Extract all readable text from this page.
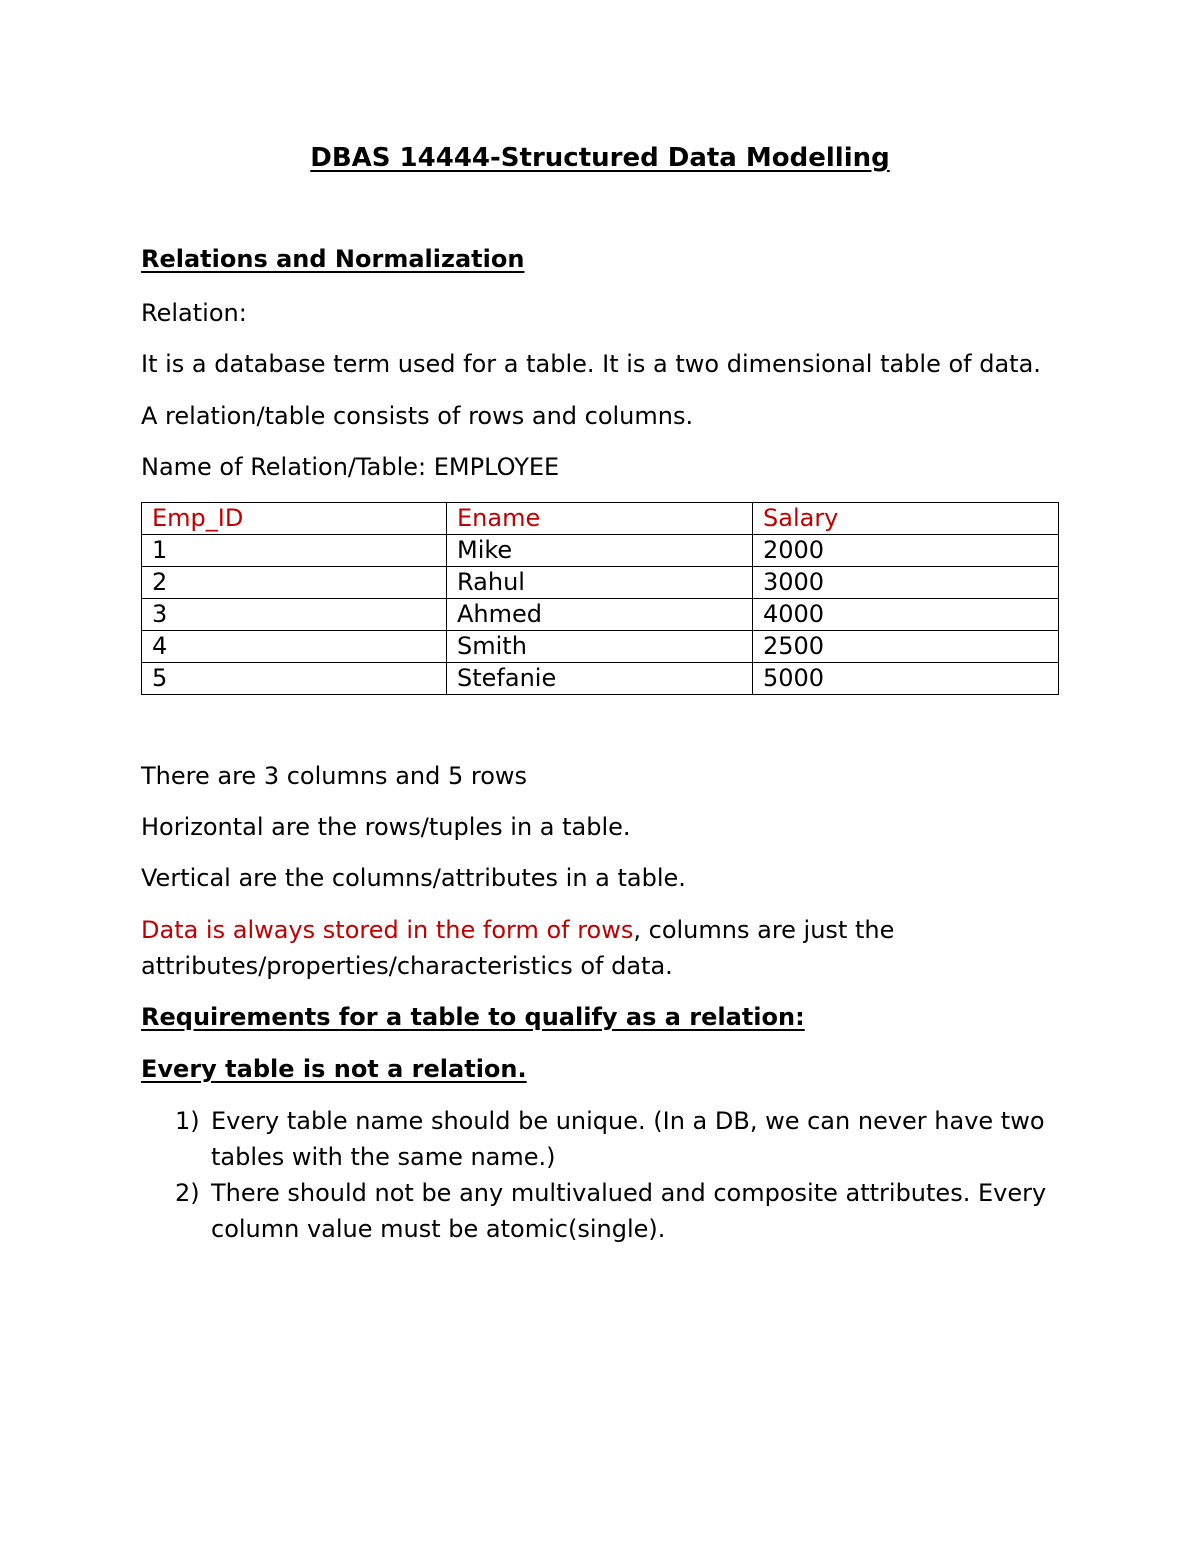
DBAS 14444-Structured Data Modelling
Relations and Normalization
Relation:
It is a database term used for a table. It is a two dimensional table of data.
A relation/table consists of rows and columns.
Name of Relation/Table: EMPLOYEE
Emp_ID	Ename	Salary
1	Mike	2000
2	Rahul	3000
3	Ahmed	4000
4	Smith	2500
5	Stefanie	5000
There are 3 columns and 5 rows
Horizontal are the rows/tuples in a table.
Vertical are the columns/attributes in a table.
Data is always stored in the form of rows, columns are just the
attributes/properties/characteristics of data.
Requirements for a table to qualify as a relation:
Every table is not a relation.
1) Every table name should be unique. (In a DB, we can never have two tables with the same name.)
2) There should not be any multivalued and composite attributes. Every column value must be atomic(single).
